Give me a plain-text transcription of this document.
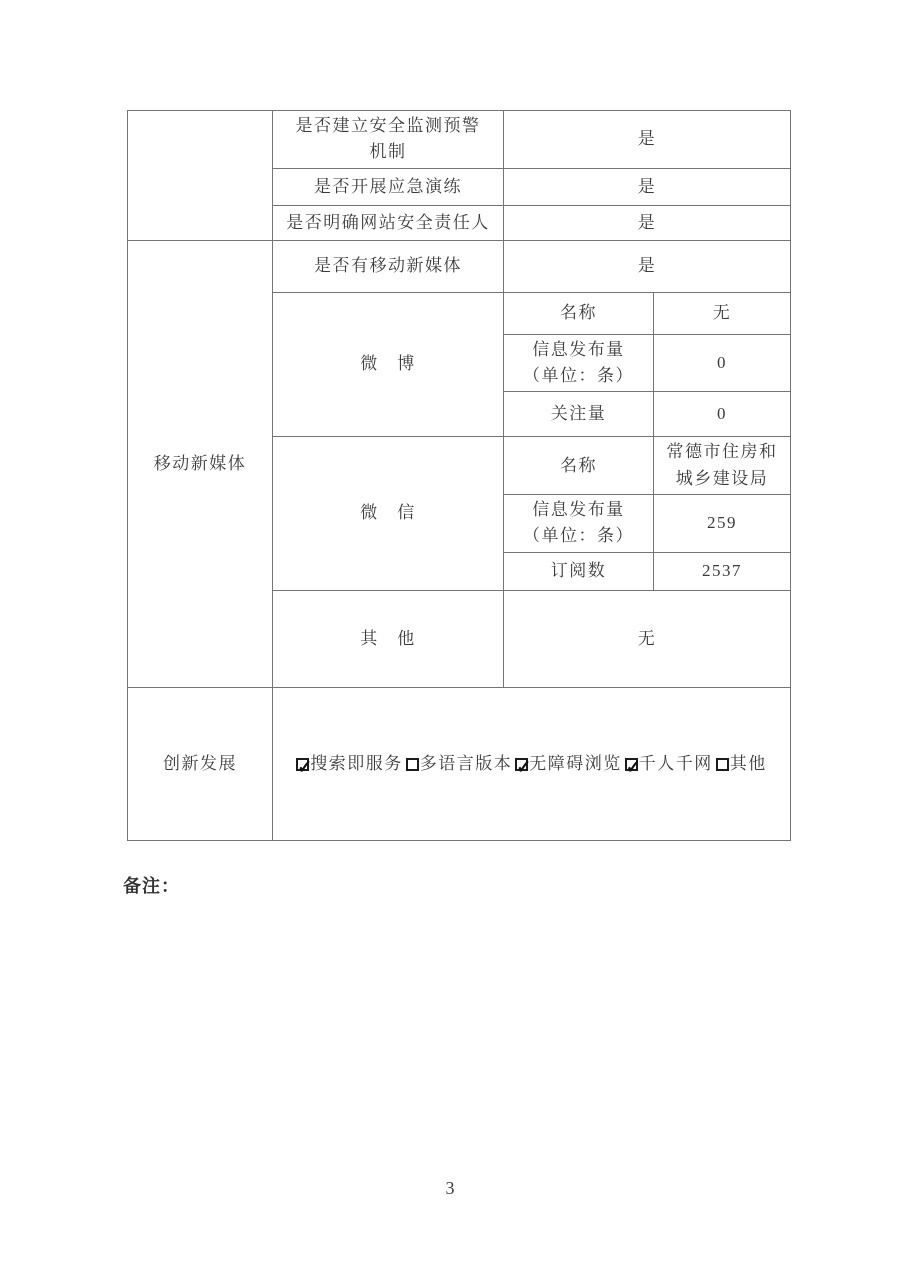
	是否建立安全监测预警
机制	是	
	是否开展应急演练	是	
	是否明确网站安全责任人	是	
移动新媒体	是否有移动新媒体	是	
	微　博	名称	无

		信息发布量
（单位：条）	0
		关注量	0
	微　信	名称	常德市住房和
城乡建设局

		信息发布量
（单位：条）	259
		订阅数	2537
	其　他	无	
创新发展	✓搜索即服务 多语言版本 ✓ 无障碍浏览 ✓ 千人千网 其他
备注：
3
